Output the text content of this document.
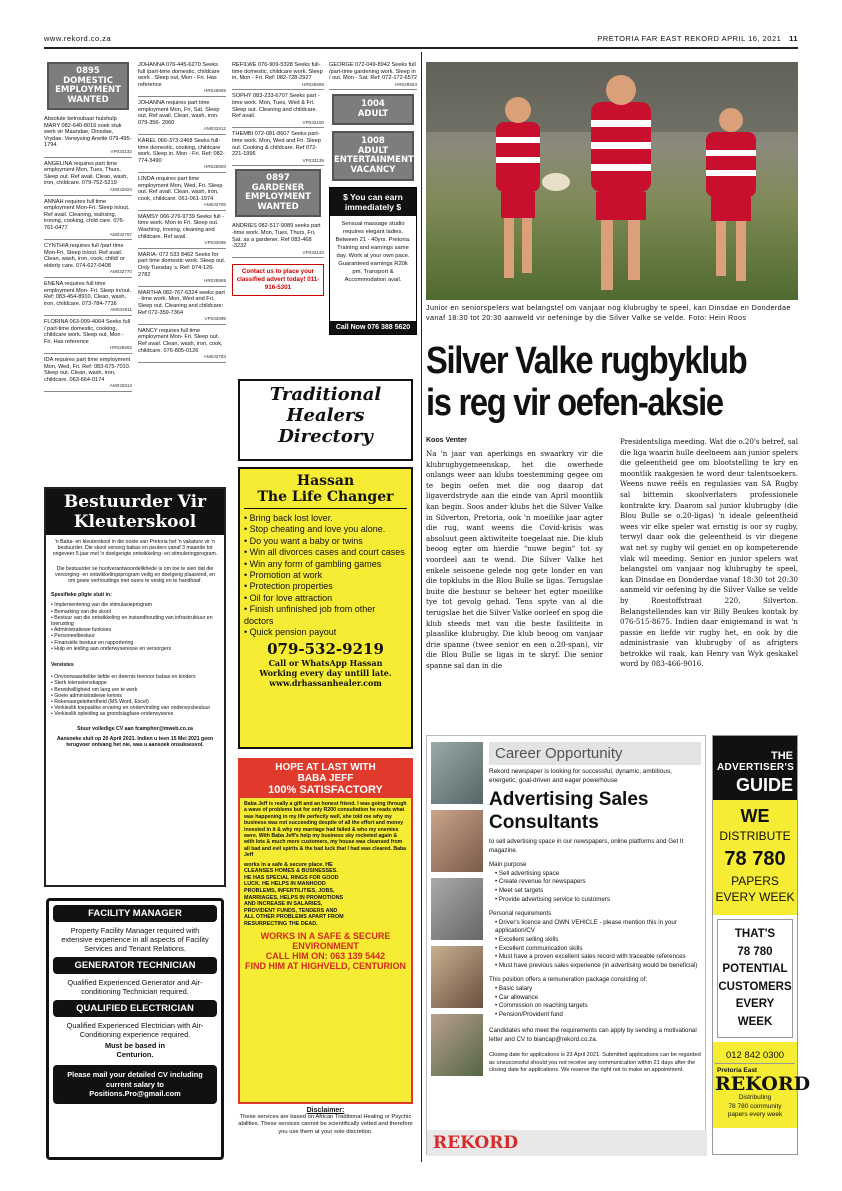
www.rekord.co.za	PRETORIA FAR EAST REKORD APRIL 16, 2021 11
0895
DOMESTIC
EMPLOYMENT
WANTED

Absolute betroubaar huishulp MARY 082-640-8016 soek stuk werk vir Maandae, Dinsdae, Vrydae. Verwysing Anette 079-495-1794

VP033132

ANGELINA requires part time employment Mon, Tues, Thurs. Sleep out. Ref avail. Clean, wash, iron, childcare. 079-752-5219

AM032824

ANNAH requires full time employment Mon-Fri. Sleep in/out. Ref avail. Cleaning, wahsing, ironing, cooking, child care. 076-761-0477

AM032767

CYNTHIA requires full /part time Mon-Fri, Sleep in/out. Ref avail. Clean, wash, iron, cook, child/ or elderly care. 074-627-0408

AM032770

ENENA requires full time employment Mon- Fri. Sleep in/out. Ref: 083-454-8910. Clean, wash, iron, childcare. 073-784-7736

AM032811

FLORINA 063-099-4064 Seeks full / part-time domestic, cooking, childcare work. Sleep out, Mon - Fri. Has reference

HR028582

IDA requires part time employment Mon, Wed, Fri. Ref: 083-675-7010. Sleep out. Clean, wash, iron, childcare. 063-664-0174

AM032813

JOHANNA 076-445-6270 Seeks full /part-time domestic, childcare work . Sleep out, Mon - Fri. Has reference

HR028595

JOHANNA requires part time employment Mon, Fri, Sat. Sleep out. Ref avail. Clean, wash, iron. 079-356- 2060

AM032812

KAREL 066-373-2468 Seeks full-time domestic, cooking, childcare work. Sleep in. Mon - Fri. Ref: 082-774-3490

HR028600

LINDA requires part time employment Mon, Wed, Fri. Sleep out. Ref avail. Clean, wash, iron, cook, childcare. 061-061-1974

AM032765

MAMSY 066-276-9739 Seeks full - time work. Mon to Fri. Sleep out. Washing, Ironing, cleaning and childcare. Ref avail.

VP033098

MARIA- 072 533 8462 Seeks for part time domestic work. Sleep out. Only Tuesday`s. Ref: 074-126-2782

HR028589

MARTHA 082-767-6324 seeks part - time work. Mon, Wed and Fri. Sleep out. Cleaning and childcare: Ref 072-359-7364

VP033099

NANCY requires full time employment Mon- Fri. Sleep out. Ref avail. Clean, wash, iron, cook, childcare. 076-805-0126

AM032783

REFILWE 076-909-5328 Seeks full-time domestic, childcare work. Sleep in, Mon - Fri. Ref: 082-728-2927

HR028586

SOPHY 083-233-6707 Seeks part - time work. Mon, Tues, Wed & Fri. Sleep out. Cleaning and childcare. Ref avail.

VP033100

THEMBI 072-081-8607 Seeks part- time work. Mon, Wed and Fri. Sleep out. Cooking & childcare. Ref 072-221-1996

VP033139
0897
GARDENER
EMPLOYMENT
WANTED

ANDRIES 082-517-9089 seeks part -time work. Mon, Tues, Thurs, Fri, Sat. as a gardener. Ref 083-468 -3232

VP033133
Contact us to place your classified advert today! 011-916-5301

GEORGE 072-049-8942 Seeks full /part-time gardening work. Sleep in / out. Mon - Sat. Ref: 072-172-6572

HR028583
1004
ADULT
1008
ADULT
ENTERTAINMENT
VACANCY
$ You can earn immediately $
Sensual massage studio requires elegant ladies. Between 21 - 40yrs. Pretoria. Training and earnings same day. Work at your own pace. Guaranteed earnings R20k pm, Transport & Accommodation avail.
Call Now 076 388 5620
Bestuurder Vir
Kleuterskool

'n Baba- en kleuterskool in die ooste van Pretoria het 'n vakature vir 'n bestuurder. Die skool versorg babas en peuters vanaf 3 maande tot ongeveer 5 jaar met 'n doelgerigte ontwikkeling- en stimuleringprogram.

Die bestuurder se hoofverantwoordelikhede is om toe te sien dat die versorging- en ontwikkelingsprogram veilig en doelgerig plaasvind, en om goeie verhoudings met ouers te vestig en te handhaaf.

Spesifieke pligte sluit in:

• Implementering van die stimulasieprogram
• Bemarking van die skool
• Bestuur van die ontwikkeling en instandhouding van infrastruktuur en toerusting
• Administratiewe funksies
• Personeelbestuur
• Finansiële bestuur en rapportering
• Hulp en leiding aan onderwyseresse en versorgers

Vereistes

• Onvoorwaardelike liefde en deernis teenoor babas en kinders
• Sterk leierseienskappe
• Bereidwilligheid om lang ure te werk
• Goeie administratiewe kennis
• Rekenaargeletterdheid (MS Word, Excel)
• Verkieslik toepaslike ervaring en ondervinding van onderwysbestuur
• Verkieslik opleiding as grondslagfase-onderwyseres

Stuur volledige CV aan fcamphor@mweb.co.za

Aansoeke sluit op 20 April 2021. Indien u teen 15 Mei 2021 geen terugvoer ontvang het nie, was u aansoek onsuksesvol.

FACILITY MANAGER
Property Facility Manager required with extensive experience in all aspects of Facility Services and Tenant Relations.
GENERATOR TECHNICIAN
Qualified Experienced Generator and Air-conditioning Technician required.
QUALIFIED ELECTRICIAN
Qualified Experienced Electrician with Air-Conditioning experience required.
Must be based in Centurion.
Please mail your detailed CV including current salary to Positions.Pro@gmail.com
Traditional
Healers
Directory
Hassan
The Life Changer
• Bring back lost lover.
• Stop cheating and love you alone.
• Do you want a baby or twins
• Win all divorces cases and court cases
• Win any form of gambling games
• Promotion at work
• Protection properties
• Oil for love attraction
• Finish unfinished job from other doctors
• Quick pension payout
079-532-9219
Call or WhatsApp Hassan
Working every day untill late.
www.drhassanhealer.com
HOPE AT LAST WITH
BABA JEFF
100% SATISFACTORY
Baba Jeff is really a gift and an honest friend. I was going through a wave of problems but for only R200 consultation he reads what was happening in my life perfectly well, she told me why my business was not succeeding despite of all the effort and money invested in it & why my marriage had failed & who my enemies were. With Baba Jeff's help my business sky rocketed again & with lots & much more customers, my house was cleansed from all bad and evil spirits & the bad luck that I had was cleared. Baba Jeff
works in a safe & secure place. HE CLEANSES HOMES & BUSINESSES. HE HAS SPECIAL RINGS FOR GOOD LUCK. HE HELPS IN MANHOOD PROBLEMS, INFERTILITIES, JOBS, MARRIAGES, HELPS IN PROMOTIONS AND INCREASE IN SALARIES, PROVIDENT FUNDS, TENDERS AND ALL OTHER PROBLEMS APART FROM RESURRECTING THE DEAD.
WORKS IN A SAFE & SECURE ENVIRONMENT
CALL HIM ON: 063 139 5442
FIND HIM AT HIGHVELD, CENTURION
Disclaimer:
These services are based on African Traditional Healing or Psychic abilities. These services cannot be scientifically vetted and therefore you use them at your sole discretion.
Junior en seniorspelers wat belangstel om vanjaar nog klubrugby te speel, kan Dinsdae en Donderdae vanaf 18:30 tot 20:30 aanweld vir oefeninge by die Silver Valke se velde. Foto: Hein Roos
Silver Valke rugbyklub
is reg vir oefen-aksie
Koos Venter
Na 'n jaar van aperkings en swaarkry vir die klubrugbygemeenskap, het die owerhede onlangs weer aan klubs toestemming gegee om te begin oefen met die oog daarop dat ligaverdstryde aan die einde van April moontlik kan begin. Soos ander klubs het die Silver Valke in Silverton, Pretoria, ook 'n moeilike jaar agter die rug, want weens die Covid-krisis was absoluut geen aktiwiteite toegelaat nie. Die klub beoog egter om hierdie "nuwe begin" tot sy voordeel aan te wend. Die Silver Valke het enkele seisoene gelede nog gete londer en van die topklubs in die Blou Bulle se ligas. Terugslae buite die bestuur se beheer het egter moeilike tye tot gevolg gehad. Tens spyte van al die terugslae het die Silver Valke oorleef en spog die klub steeds met van die beste fasiliteite in plaaslike klubrugby. Die klub beoog om vanjaar drie spanne (twee senior en een o.20-span), vir die Blou Bulle se ligas in te skryf. Die senior spanne sal dan in die
Presidentsliga meeding. Wat die o.20's betref, sal die liga waarin hulle deelneem aan junior spelers die geleentheid gee om blootstelling te kry en moontlik raakgesien te word deur talentsoekers. Weens nuwe reëls en regulasies van SA Rugby sal bittemin skoolverlaters professionele kontrakte kry. Daarom sal junior klubrugby (die Blou Bulle se o.20-ligas) 'n ideale geleentheid wees vir elke speler wat ernstig is oor sy rugby, terwyl daar ook die geleentheid is vir diegene wat net sy rugby wil geniet en op kompeterende vlak wil meeding. Senior en junior spelers wat belangstel om vanjaar nog klubrugby te speel, kan Dinsdae en Donderdae vanaf 18:30 tot 20:30 aanmeld vir oefening by die Silver Valke se velde by Roestoffstraat 220, Silverton. Belangstellendes kan vir Billy Beukes kontak by 076-515-8675. Indien daar enigiemand is wat 'n passie en liefde vir rugby het, en ook by die administrasie van klubrugby of as afrigters betrokke wil raak, kan Henry van Wyk geskakel word by 083-466-9016.
Career Opportunity
Rekord newspaper is looking for successful, dynamic, ambitious, energetic, goal-driven and eager powerhouse
Advertising Sales
Consultants
to sell advertising space in our newspapers, online platforms and Get It magazine.
Main purpose
• Sell advertising space
• Create revenue for newspapers
• Meet set targets
• Provide advertising service to customers
Personal requirements
• Driver's licence and OWN VEHICLE - please mention this in your application/CV
• Excellent selling skills
• Excellent communication skills
• Must have a proven excellent sales record with traceable references
• Must have previous sales experience (in advertising would be beneficial)
This position offers a remuneration package consisting of:
• Basic salary
• Car allowance
• Commission on reaching targets
• Pension/Provident fund
Candidates who meet the requirements can apply by sending a motivational letter and CV to biancap@rekord.co.za.
Closing date for applications is 23 April 2021. Submitted applications can be regarded as unsuccessful should you not receive any communication within 21 days after the closing date for applications. We reserve the right not to make an appointment.
REKORD
THE
ADVERTISER'S
GUIDE
WE
DISTRIBUTE
78 780
PAPERS
EVERY WEEK
THAT'S
78 780
POTENTIAL
CUSTOMERS
EVERY
WEEK
012 842 0300
Pretoria East
REKORD
Distributing
78 780 community
papers every week
